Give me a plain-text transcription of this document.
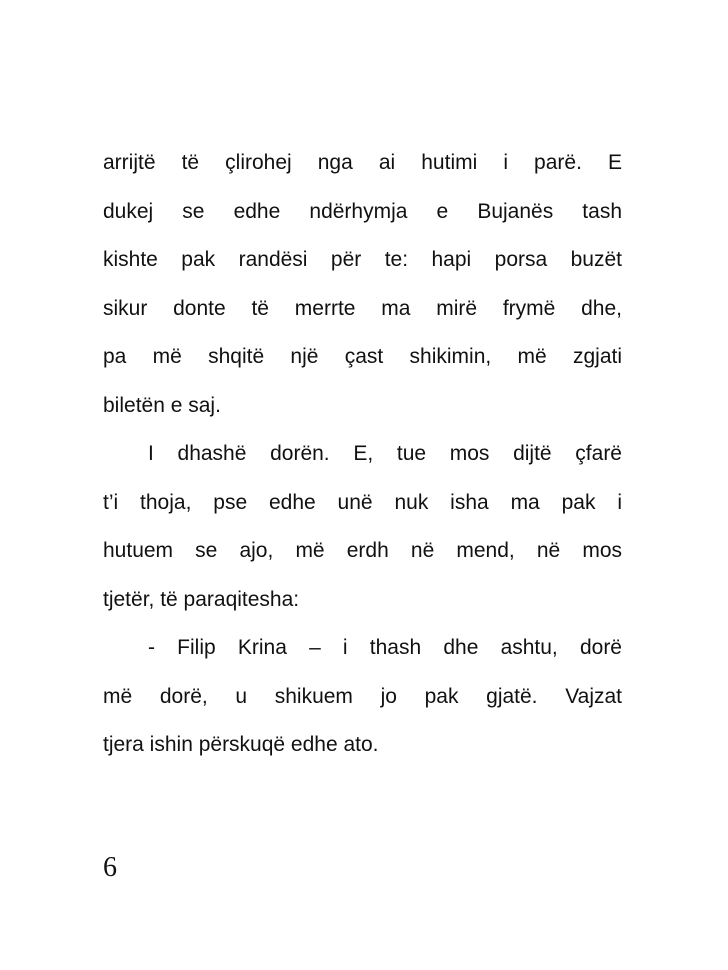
arrijtë të çlirohej nga ai hutimi i parë. E
dukej se edhe ndërhymja e Bujanës tash
kishte pak randësi për te: hapi porsa buzët
sikur donte të merrte ma mirë frymë dhe,
pa më shqitë një çast shikimin, më zgjati
biletën e saj.
I dhashë dorën. E, tue mos dijtë çfarë
t’i thoja, pse edhe unë nuk isha ma pak i
hutuem se ajo, më erdh në mend, në mos
tjetër, të paraqitesha:
- Filip Krina – i thash dhe ashtu, dorë
më dorë, u shikuem jo pak gjatë. Vajzat
tjera ishin përskuqë edhe ato.
6
